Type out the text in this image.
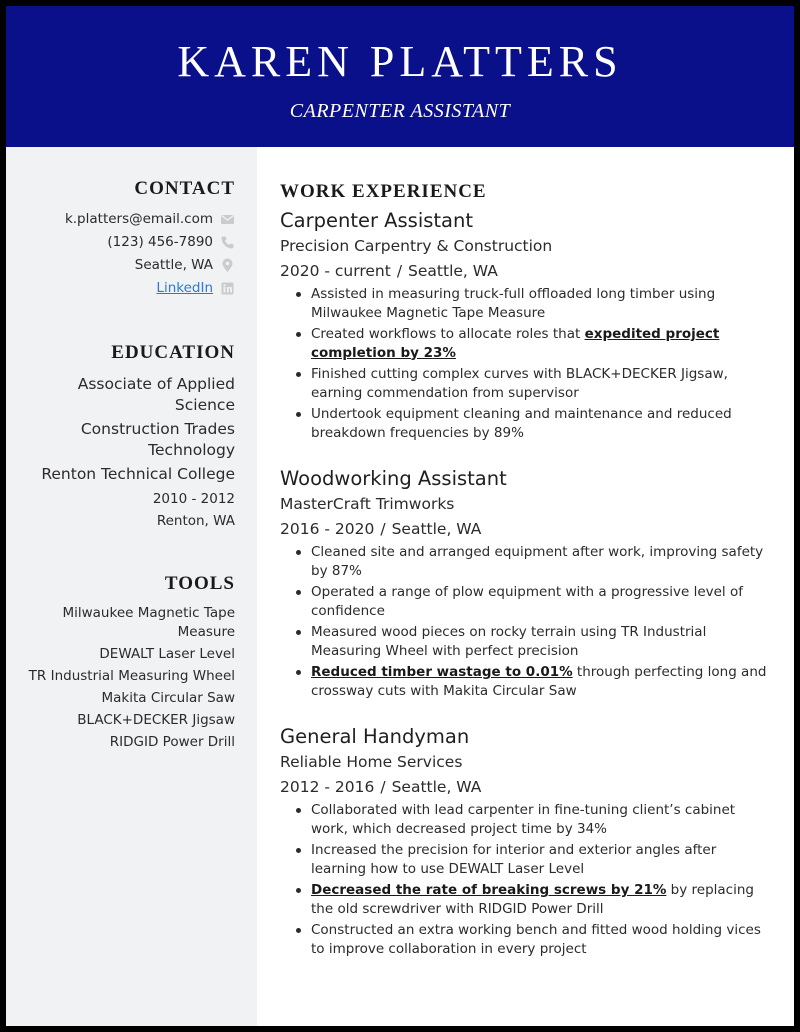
KAREN PLATTERS
CARPENTER ASSISTANT
CONTACT
k.platters@email.com
(123) 456-7890
Seattle, WA
LinkedIn
EDUCATION
Associate of Applied Science
Construction Trades Technology
Renton Technical College
2010 - 2012
Renton, WA
TOOLS
Milwaukee Magnetic Tape Measure
DEWALT Laser Level
TR Industrial Measuring Wheel
Makita Circular Saw
BLACK+DECKER Jigsaw
RIDGID Power Drill
WORK EXPERIENCE
Carpenter Assistant
Precision Carpentry & Construction
2020 - current / Seattle, WA
Assisted in measuring truck-full offloaded long timber using Milwaukee Magnetic Tape Measure
Created workflows to allocate roles that expedited project completion by 23%
Finished cutting complex curves with BLACK+DECKER Jigsaw, earning commendation from supervisor
Undertook equipment cleaning and maintenance and reduced breakdown frequencies by 89%
Woodworking Assistant
MasterCraft Trimworks
2016 - 2020 / Seattle, WA
Cleaned site and arranged equipment after work, improving safety by 87%
Operated a range of plow equipment with a progressive level of confidence
Measured wood pieces on rocky terrain using TR Industrial Measuring Wheel with perfect precision
Reduced timber wastage to 0.01% through perfecting long and crossway cuts with Makita Circular Saw
General Handyman
Reliable Home Services
2012 - 2016 / Seattle, WA
Collaborated with lead carpenter in fine-tuning client’s cabinet work, which decreased project time by 34%
Increased the precision for interior and exterior angles after learning how to use DEWALT Laser Level
Decreased the rate of breaking screws by 21% by replacing the old screwdriver with RIDGID Power Drill
Constructed an extra working bench and fitted wood holding vices to improve collaboration in every project
